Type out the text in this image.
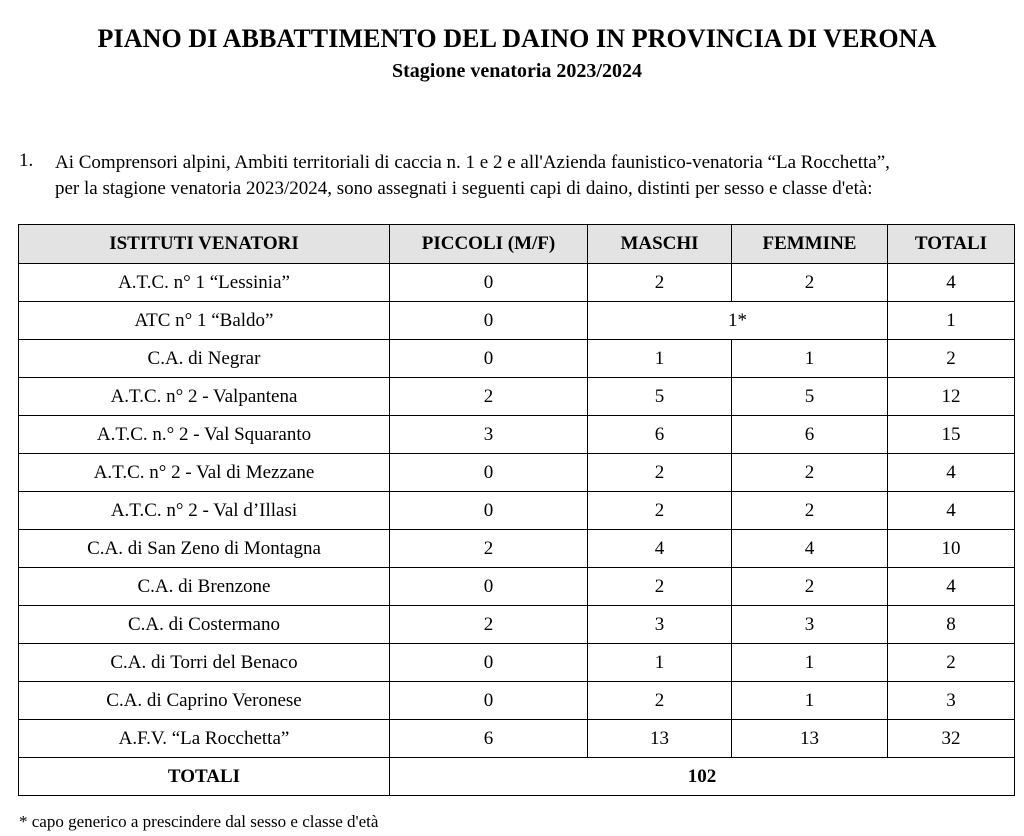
PIANO DI ABBATTIMENTO DEL DAINO IN PROVINCIA DI VERONA
Stagione venatoria 2023/2024
1. Ai Comprensori alpini, Ambiti territoriali di caccia n. 1 e 2 e all'Azienda faunistico-venatoria “La Rocchetta”,
per la stagione venatoria 2023/2024, sono assegnati i seguenti capi di daino, distinti per sesso e classe d'età:
ISTITUTI VENATORI	PICCOLI (M/F)	MASCHI	FEMMINE	TOTALI
A.T.C. n° 1 “Lessinia”	0	2	2	4
ATC n° 1 “Baldo”	0	1*		1
C.A. di Negrar	0	1	1	2
A.T.C. n° 2 - Valpantena	2	5	5	12
A.T.C. n.° 2 - Val Squaranto	3	6	6	15
A.T.C. n° 2 - Val di Mezzane	0	2	2	4
A.T.C. n° 2 - Val d’Illasi	0	2	2	4
C.A. di San Zeno di Montagna	2	4	4	10
C.A. di Brenzone	0	2	2	4
C.A. di Costermano	2	3	3	8
C.A. di Torri del Benaco	0	1	1	2
C.A. di Caprino Veronese	0	2	1	3
A.F.V. “La Rocchetta”	6	13	13	32
TOTALI	102			
* capo generico a prescindere dal sesso e classe d'età
